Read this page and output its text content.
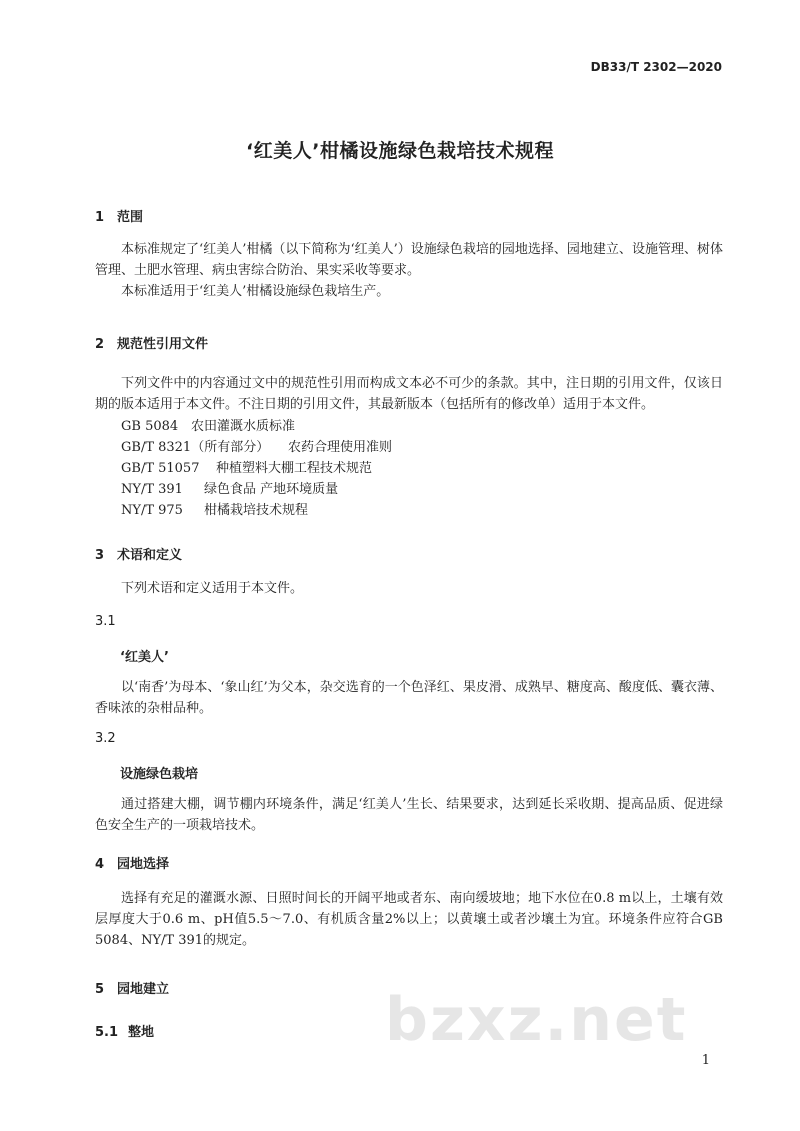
DB33/T 2302—2020
‘红美人’柑橘设施绿色栽培技术规程
1 范围
本标准规定了‘红美人’柑橘（以下简称为‘红美人’）设施绿色栽培的园地选择、园地建立、设施管理、树体管理、土肥水管理、病虫害综合防治、果实采收等要求。
本标准适用于‘红美人’柑橘设施绿色栽培生产。
2 规范性引用文件
下列文件中的内容通过文中的规范性引用而构成文本必不可少的条款。其中，注日期的引用文件，仅该日期的版本适用于本文件。不注日期的引用文件，其最新版本（包括所有的修改单）适用于本文件。
GB 5084 农田灌溉水质标准
GB/T 8321（所有部分） 农药合理使用准则
GB/T 51057 种植塑料大棚工程技术规范
NY/T 391 绿色食品 产地环境质量
NY/T 975 柑橘栽培技术规程
3 术语和定义
下列术语和定义适用于本文件。
3.1
‘红美人’
以‘南香’为母本、‘象山红’为父本，杂交选育的一个色泽红、果皮滑、成熟早、糖度高、酸度低、囊衣薄、香味浓的杂柑品种。
3.2
设施绿色栽培
通过搭建大棚，调节棚内环境条件，满足‘红美人’生长、结果要求，达到延长采收期、提高品质、促进绿色安全生产的一项栽培技术。
4 园地选择
选择有充足的灌溉水源、日照时间长的开阔平地或者东、南向缓坡地；地下水位在0.8 m以上，土壤有效层厚度大于0.6 m、pH值5.5～7.0、有机质含量2%以上；以黄壤土或者沙壤土为宜。环境条件应符合GB 5084、NY/T 391的规定。
5 园地建立
5.1 整地	bzxz.net
1
